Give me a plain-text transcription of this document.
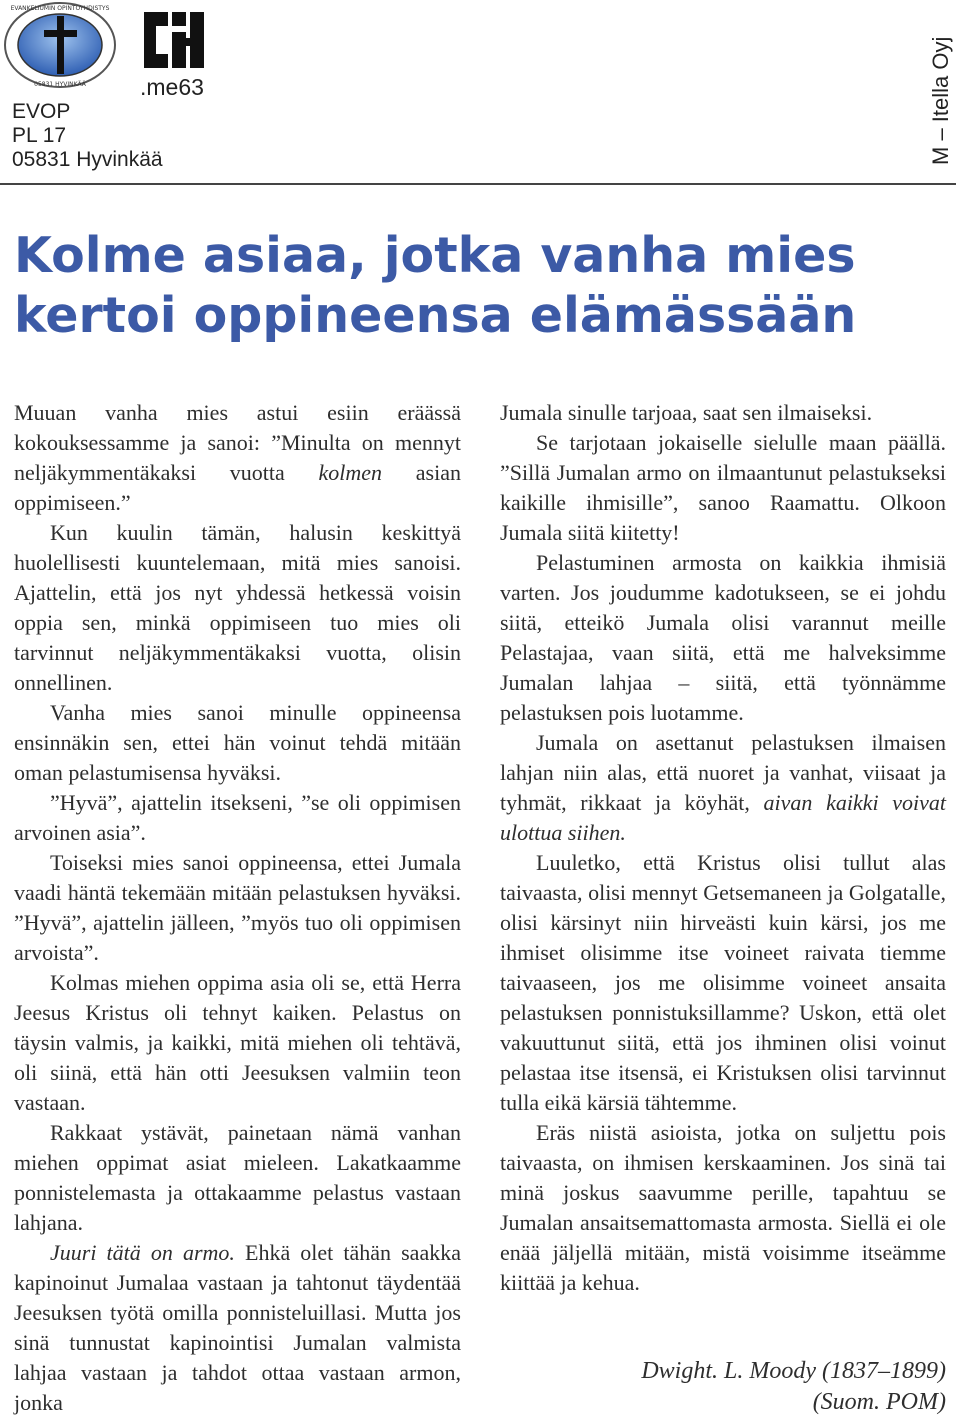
EVANKELIUMIN OPINTOYHDISTYS
05831 HYVINKÄÄ .me63
EVOP
PL 17
05831 Hyvinkää	M – Itella Oyj
Kolme asiaa, jotka vanha mies
kertoi oppineensa elämässään

Muuan vanha mies astui esiin eräässä kokouksessamme ja sanoi: ”Minulta on mennyt neljäkymmentäkaksi vuotta kolmen asian oppimiseen.”

Kun kuulin tämän, halusin keskittyä huolellisesti kuuntelemaan, mitä mies sanoisi. Ajattelin, että jos nyt yhdessä hetkessä voisin oppia sen, minkä oppimiseen tuo mies oli tarvinnut neljäkymmentäkaksi vuotta, olisin onnellinen.

Vanha mies sanoi minulle oppineensa ensinnäkin sen, ettei hän voinut tehdä mitään oman pelastumisensa hyväksi.

”Hyvä”, ajattelin itsekseni, ”se oli oppimisen arvoinen asia”.

Toiseksi mies sanoi oppineensa, ettei Jumala vaadi häntä tekemään mitään pelastuksen hyväksi. ”Hyvä”, ajattelin jälleen, ”myös tuo oli oppimisen arvoista”.

Kolmas miehen oppima asia oli se, että Herra Jeesus Kristus oli tehnyt kaiken. Pelastus on täysin valmis, ja kaikki, mitä miehen oli tehtävä, oli siinä, että hän otti Jeesuksen valmiin teon vastaan.

Rakkaat ystävät, painetaan nämä vanhan miehen oppimat asiat mieleen. Lakatkaamme ponnistelemasta ja ottakaamme pelastus vastaan lahjana.

Juuri tätä on armo. Ehkä olet tähän saakka kapinoinut Jumalaa vastaan ja tahtonut täydentää Jeesuksen työtä omilla ponnisteluillasi. Mutta jos sinä tunnustat kapinointisi Jumalan valmista lahjaa vastaan ja tahdot ottaa vastaan armon, jonka

Jumala sinulle tarjoaa, saat sen ilmaiseksi.

Se tarjotaan jokaiselle sielulle maan päällä. ”Sillä Jumalan armo on ilmaantunut pelastukseksi kaikille ihmisille”, sanoo Raamattu. Olkoon Jumala siitä kiitetty!

Pelastuminen armosta on kaikkia ihmisiä varten. Jos joudumme kadotukseen, se ei johdu siitä, etteikö Jumala olisi varannut meille Pelastajaa, vaan siitä, että me halveksimme Jumalan lahjaa – siitä, että työnnämme pelastuksen pois luotamme.

Jumala on asettanut pelastuksen ilmaisen lahjan niin alas, että nuoret ja vanhat, viisaat ja tyhmät, rikkaat ja köyhät, aivan kaikki voivat ulottua siihen.

Luuletko, että Kristus olisi tullut alas taivaasta, olisi mennyt Getsemaneen ja Golgatalle, olisi kärsinyt niin hirveästi kuin kärsi, jos me ihmiset olisimme itse voineet raivata tiemme taivaaseen, jos me olisimme voineet ansaita pelastuksen ponnistuksillamme? Uskon, että olet vakuuttunut siitä, että jos ihminen olisi voinut pelastaa itse itsensä, ei Kristuksen olisi tarvinnut tulla eikä kärsiä tähtemme.

Eräs niistä asioista, jotka on suljettu pois taivaasta, on ihmisen kerskaaminen. Jos sinä tai minä joskus saavumme perille, tapahtuu se Jumalan ansaitsemattomasta armosta. Siellä ei ole enää jäljellä mitään, mistä voisimme itseämme kiittää ja kehua.

Dwight. L. Moody (1837–1899)
(Suom. POM)
